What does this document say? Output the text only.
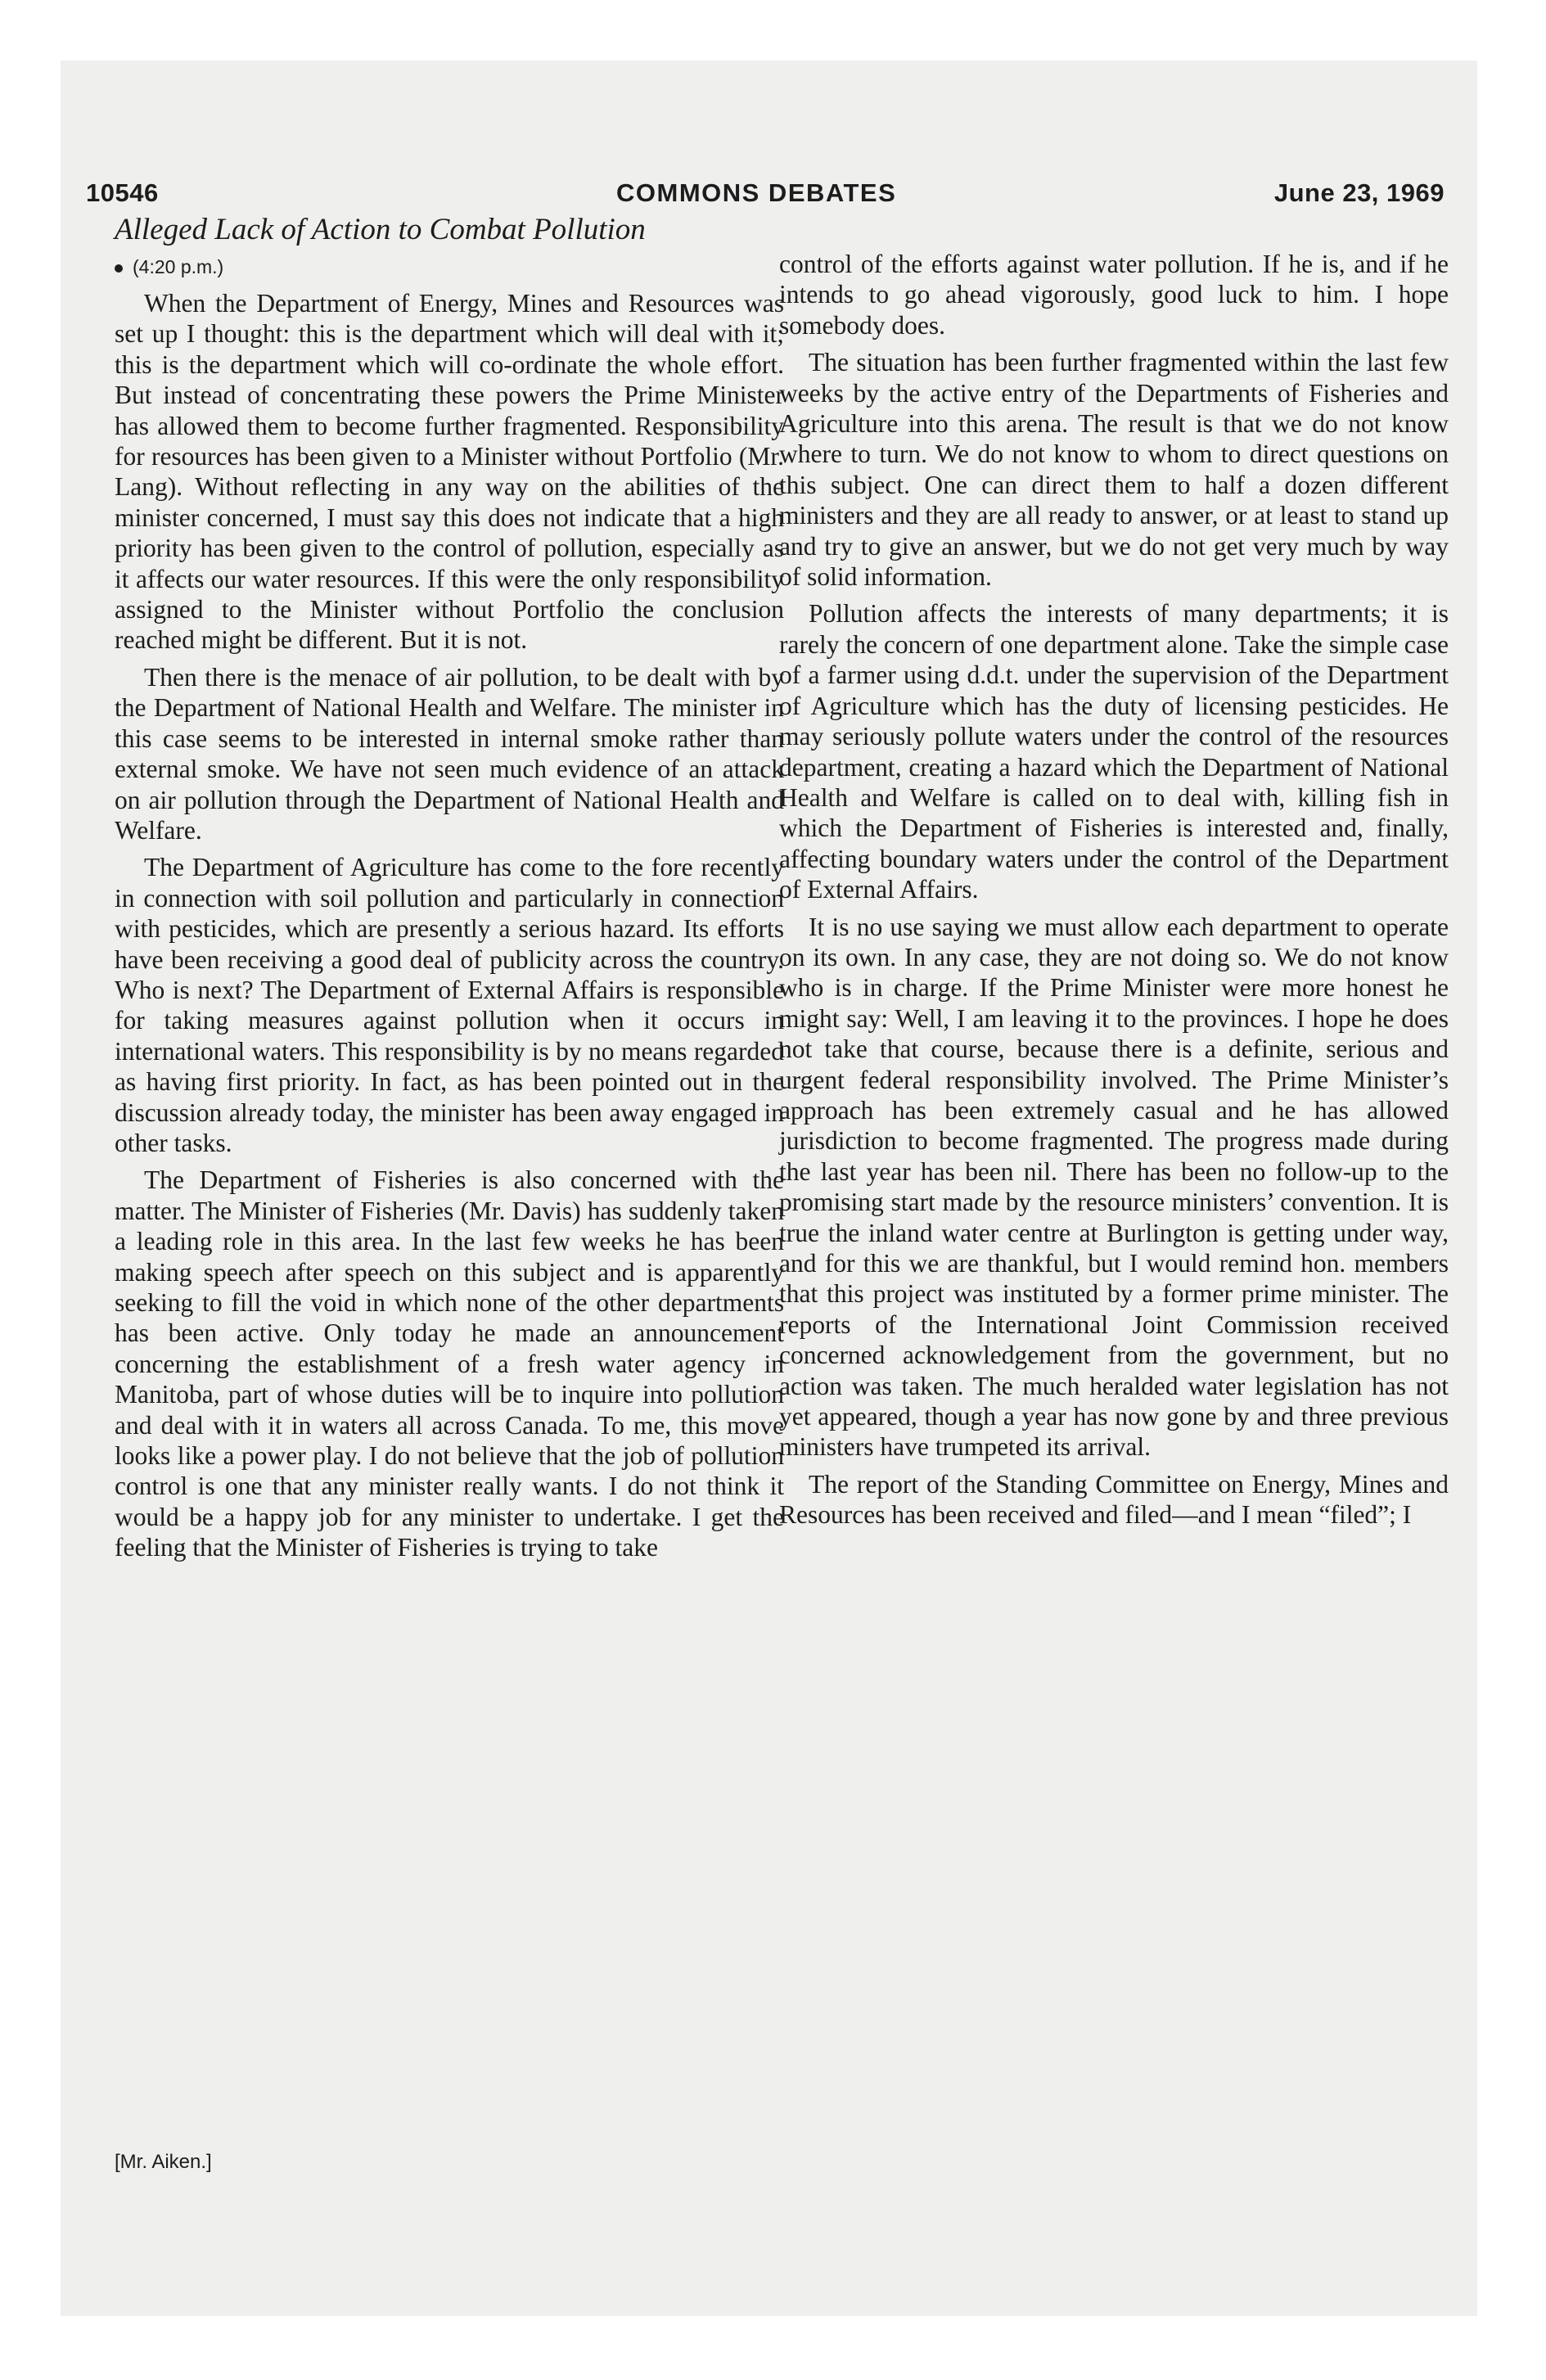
10546	COMMONS DEBATES	June 23, 1969

Alleged Lack of Action to Combat Pollution

(4:20 p.m.)

When the Department of Energy, Mines and Resources was set up I thought: this is the department which will deal with it; this is the department which will co-ordinate the whole effort. But instead of concentrating these powers the Prime Minister has allowed them to become further fragmented. Responsibility for resources has been given to a Minister without Portfolio (Mr. Lang). Without reflecting in any way on the abilities of the minister concerned, I must say this does not indicate that a high priority has been given to the control of pollution, especially as it affects our water resources. If this were the only responsibility assigned to the Minister without Portfolio the conclusion reached might be different. But it is not.

Then there is the menace of air pollution, to be dealt with by the Department of National Health and Welfare. The minister in this case seems to be interested in internal smoke rather than external smoke. We have not seen much evidence of an attack on air pollution through the Department of National Health and Welfare.

The Department of Agriculture has come to the fore recently in connection with soil pollution and particularly in connection with pesticides, which are presently a serious hazard. Its efforts have been receiving a good deal of publicity across the country. Who is next? The Department of External Affairs is responsible for taking measures against pollution when it occurs in international waters. This responsibility is by no means regarded as having first priority. In fact, as has been pointed out in the discussion already today, the minister has been away engaged in other tasks.

The Department of Fisheries is also concerned with the matter. The Minister of Fisheries (Mr. Davis) has suddenly taken a leading role in this area. In the last few weeks he has been making speech after speech on this subject and is apparently seeking to fill the void in which none of the other departments has been active. Only today he made an announcement concerning the establishment of a fresh water agency in Manitoba, part of whose duties will be to inquire into pollution and deal with it in waters all across Canada. To me, this move looks like a power play. I do not believe that the job of pollution control is one that any minister really wants. I do not think it would be a happy job for any minister to undertake. I get the feeling that the Minister of Fisheries is trying to take

control of the efforts against water pollution. If he is, and if he intends to go ahead vigorously, good luck to him. I hope somebody does.

The situation has been further fragmented within the last few weeks by the active entry of the Departments of Fisheries and Agriculture into this arena. The result is that we do not know where to turn. We do not know to whom to direct questions on this subject. One can direct them to half a dozen different ministers and they are all ready to answer, or at least to stand up and try to give an answer, but we do not get very much by way of solid information.

Pollution affects the interests of many departments; it is rarely the concern of one department alone. Take the simple case of a farmer using d.d.t. under the supervision of the Department of Agriculture which has the duty of licensing pesticides. He may seriously pollute waters under the control of the resources department, creating a hazard which the Department of National Health and Welfare is called on to deal with, killing fish in which the Department of Fisheries is interested and, finally, affecting boundary waters under the control of the Department of External Affairs.

It is no use saying we must allow each department to operate on its own. In any case, they are not doing so. We do not know who is in charge. If the Prime Minister were more honest he might say: Well, I am leaving it to the provinces. I hope he does not take that course, because there is a definite, serious and urgent federal responsibility involved. The Prime Minister’s approach has been extremely casual and he has allowed jurisdiction to become fragmented. The progress made during the last year has been nil. There has been no follow-up to the promising start made by the resource ministers’ convention. It is true the inland water centre at Burlington is getting under way, and for this we are thankful, but I would remind hon. members that this project was instituted by a former prime minister. The reports of the International Joint Commission received concerned acknowledgement from the government, but no action was taken. The much heralded water legislation has not yet appeared, though a year has now gone by and three previous ministers have trumpeted its arrival.

The report of the Standing Committee on Energy, Mines and Resources has been received and filed—and I mean “filed”; I

[Mr. Aiken.]
